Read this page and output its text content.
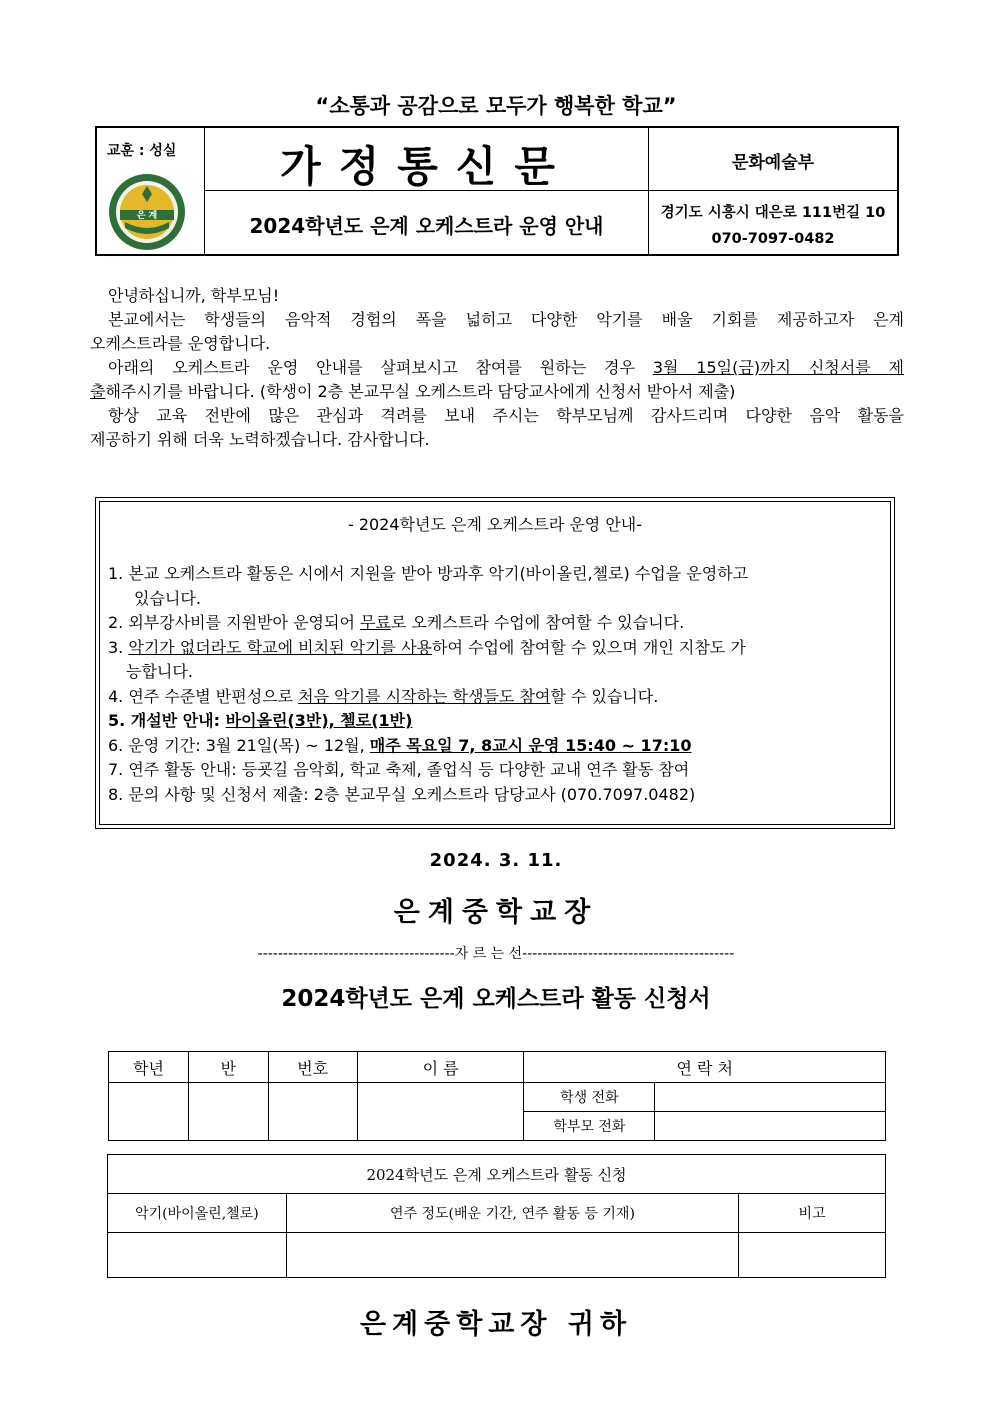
“소통과 공감으로 모두가 행복한 학교”
교훈 : 성실
은 계
가정통신문
2024학년도 은계 오케스트라 운영 안내
문화예술부
경기도 시흥시 대은로 111번길 10
070-7097-0482

안녕하십니까, 학부모님!

본교에서는 학생들의 음악적 경험의 폭을 넓히고 다양한 악기를 배울 기회를 제공하고자 은계

오케스트라를 운영합니다.

아래의 오케스트라 운영 안내를 살펴보시고 참여를 원하는 경우 3월 15일(금)까지 신청서를 제

출해주시기를 바랍니다. (학생이 2층 본교무실 오케스트라 담당교사에게 신청서 받아서 제출)

항상 교육 전반에 많은 관심과 격려를 보내 주시는 학부모님께 감사드리며 다양한 음악 활동을

제공하기 위해 더욱 노력하겠습니다. 감사합니다.

- 2024학년도 은계 오케스트라 운영 안내-
1. 본교 오케스트라 활동은 시에서 지원을 받아 방과후 악기(바이올린,첼로) 수업을 운영하고
있습니다.
2. 외부강사비를 지원받아 운영되어 무료로 오케스트라 수업에 참여할 수 있습니다.
3. 악기가 없더라도 학교에 비치된 악기를 사용하여 수업에 참여할 수 있으며 개인 지참도 가
능합니다.
4. 연주 수준별 반편성으로 처음 악기를 시작하는 학생들도 참여할 수 있습니다.
5. 개설반 안내: 바이올린(3반), 첼로(1반)
6. 운영 기간: 3월 21일(목) ~ 12월, 매주 목요일 7, 8교시 운영 15:40 ~ 17:10
7. 연주 활동 안내: 등굣길 음악회, 학교 축제, 졸업식 등 다양한 교내 연주 활동 참여
8. 문의 사항 및 신청서 제출: 2층 본교무실 오케스트라 담당교사 (070.7097.0482)
2024. 3. 11.
은계중학교장
---------------------------------------자 르 는 선------------------------------------------
2024학년도 은계 오케스트라 활동 신청서
학년	반	번호	이 름	연 락 처	
				학생 전화	
				학부모 전화	
2024학년도 은계 오케스트라 활동 신청		
악기(바이올린,첼로)	연주 정도(배운 기간, 연주 활동 등 기재)	비고

은계중학교장 귀하
